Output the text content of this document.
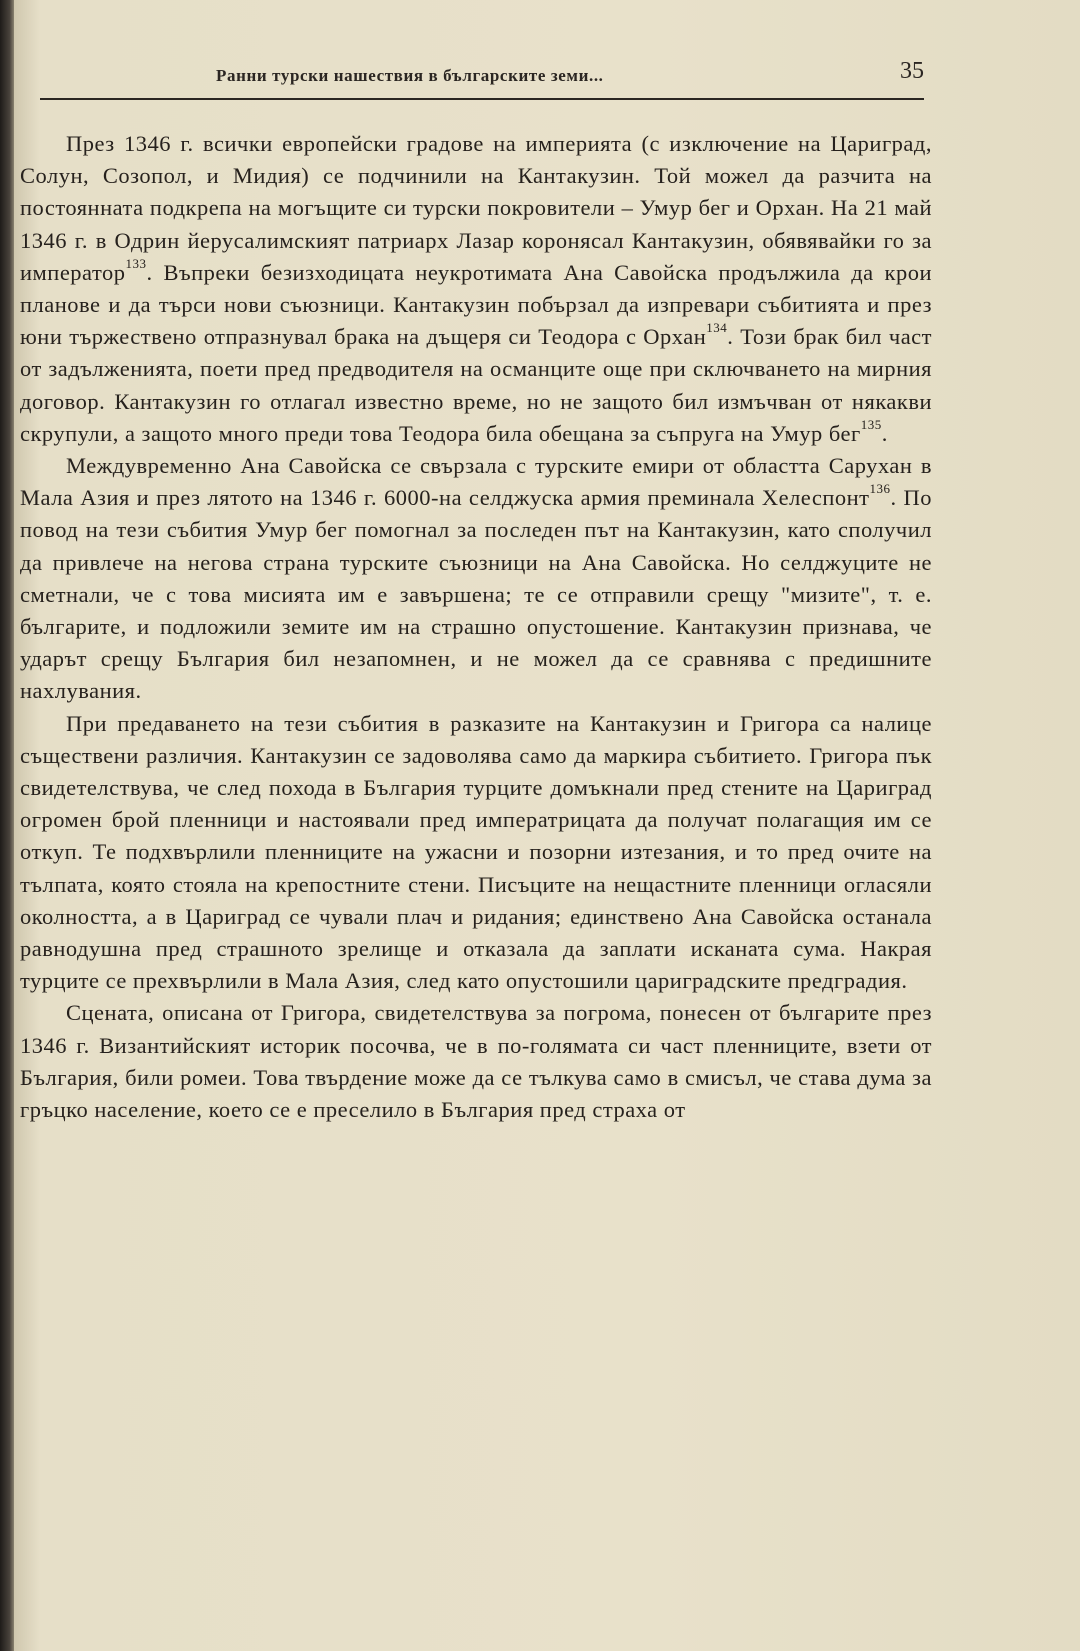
Ранни турски нашествия в българските земи...	35

През 1346 г. всички европейски градове на империята (с изключение на Цариград, Солун, Созопол, и Мидия) се подчинили на Кантакузин. Той можел да разчита на постоянната подкрепа на могъщите си турски покровители – Умур бег и Орхан. На 21 май 1346 г. в Одрин йерусалимският патриарх Лазар коронясал Кантакузин, обявявайки го за император$^{133}$. Въпреки безизходицата неукротимата Ана Савойска продължила да крои планове и да търси нови съюзници. Кантакузин побързал да изпревари събитията и през юни тържествено отпразнувал брака на дъщеря си Теодора с Орхан$^{134}$. Този брак бил част от задълженията, поети пред предводителя на османците още при сключването на мирния договор. Кантакузин го отлагал известно време, но не защото бил измъчван от някакви скрупули, а защото много преди това Теодора била обещана за съпруга на Умур бег$^{135}$.

Междувременно Ана Савойска се свързала с турските емири от областта Сарухан в Мала Азия и през лятото на 1346 г. 6000-на селджуска армия преминала Хелеспонт$^{136}$. По повод на тези събития Умур бег помогнал за последен път на Кантакузин, като сполучил да привлече на негова страна турските съюзници на Ана Савойска. Но селджуците не сметнали, че с това мисията им е завършена; те се отправили срещу "мизите", т. е. българите, и подложили земите им на страшно опустошение. Кантакузин признава, че ударът срещу България бил незапомнен, и не можел да се сравнява с предишните нахлувания.

При предаването на тези събития в разказите на Кантакузин и Григора са налице съществени различия. Кантакузин се задоволява само да маркира събитието. Григора пък свидетелствува, че след похода в България турците домъкнали пред стените на Цариград огромен брой пленници и настоявали пред императрицата да получат полагащия им се откуп. Те подхвърлили пленниците на ужасни и позорни изтезания, и то пред очите на тълпата, която стояла на крепостните стени. Писъците на нещастните пленници огласяли околността, а в Цариград се чували плач и ридания; единствено Ана Савойска останала равнодушна пред страшното зрелище и отказала да заплати исканата сума. Накрая турците се прехвърлили в Мала Азия, след като опустошили цариградските предградия.

Сцената, описана от Григора, свидетелствува за погрома, понесен от българите през 1346 г. Византийският историк посочва, че в по-голямата си част пленниците, взети от България, били ромеи. Това твърдение може да се тълкува само в смисъл, че става дума за гръцко население, което се е преселило в България пред страха от
